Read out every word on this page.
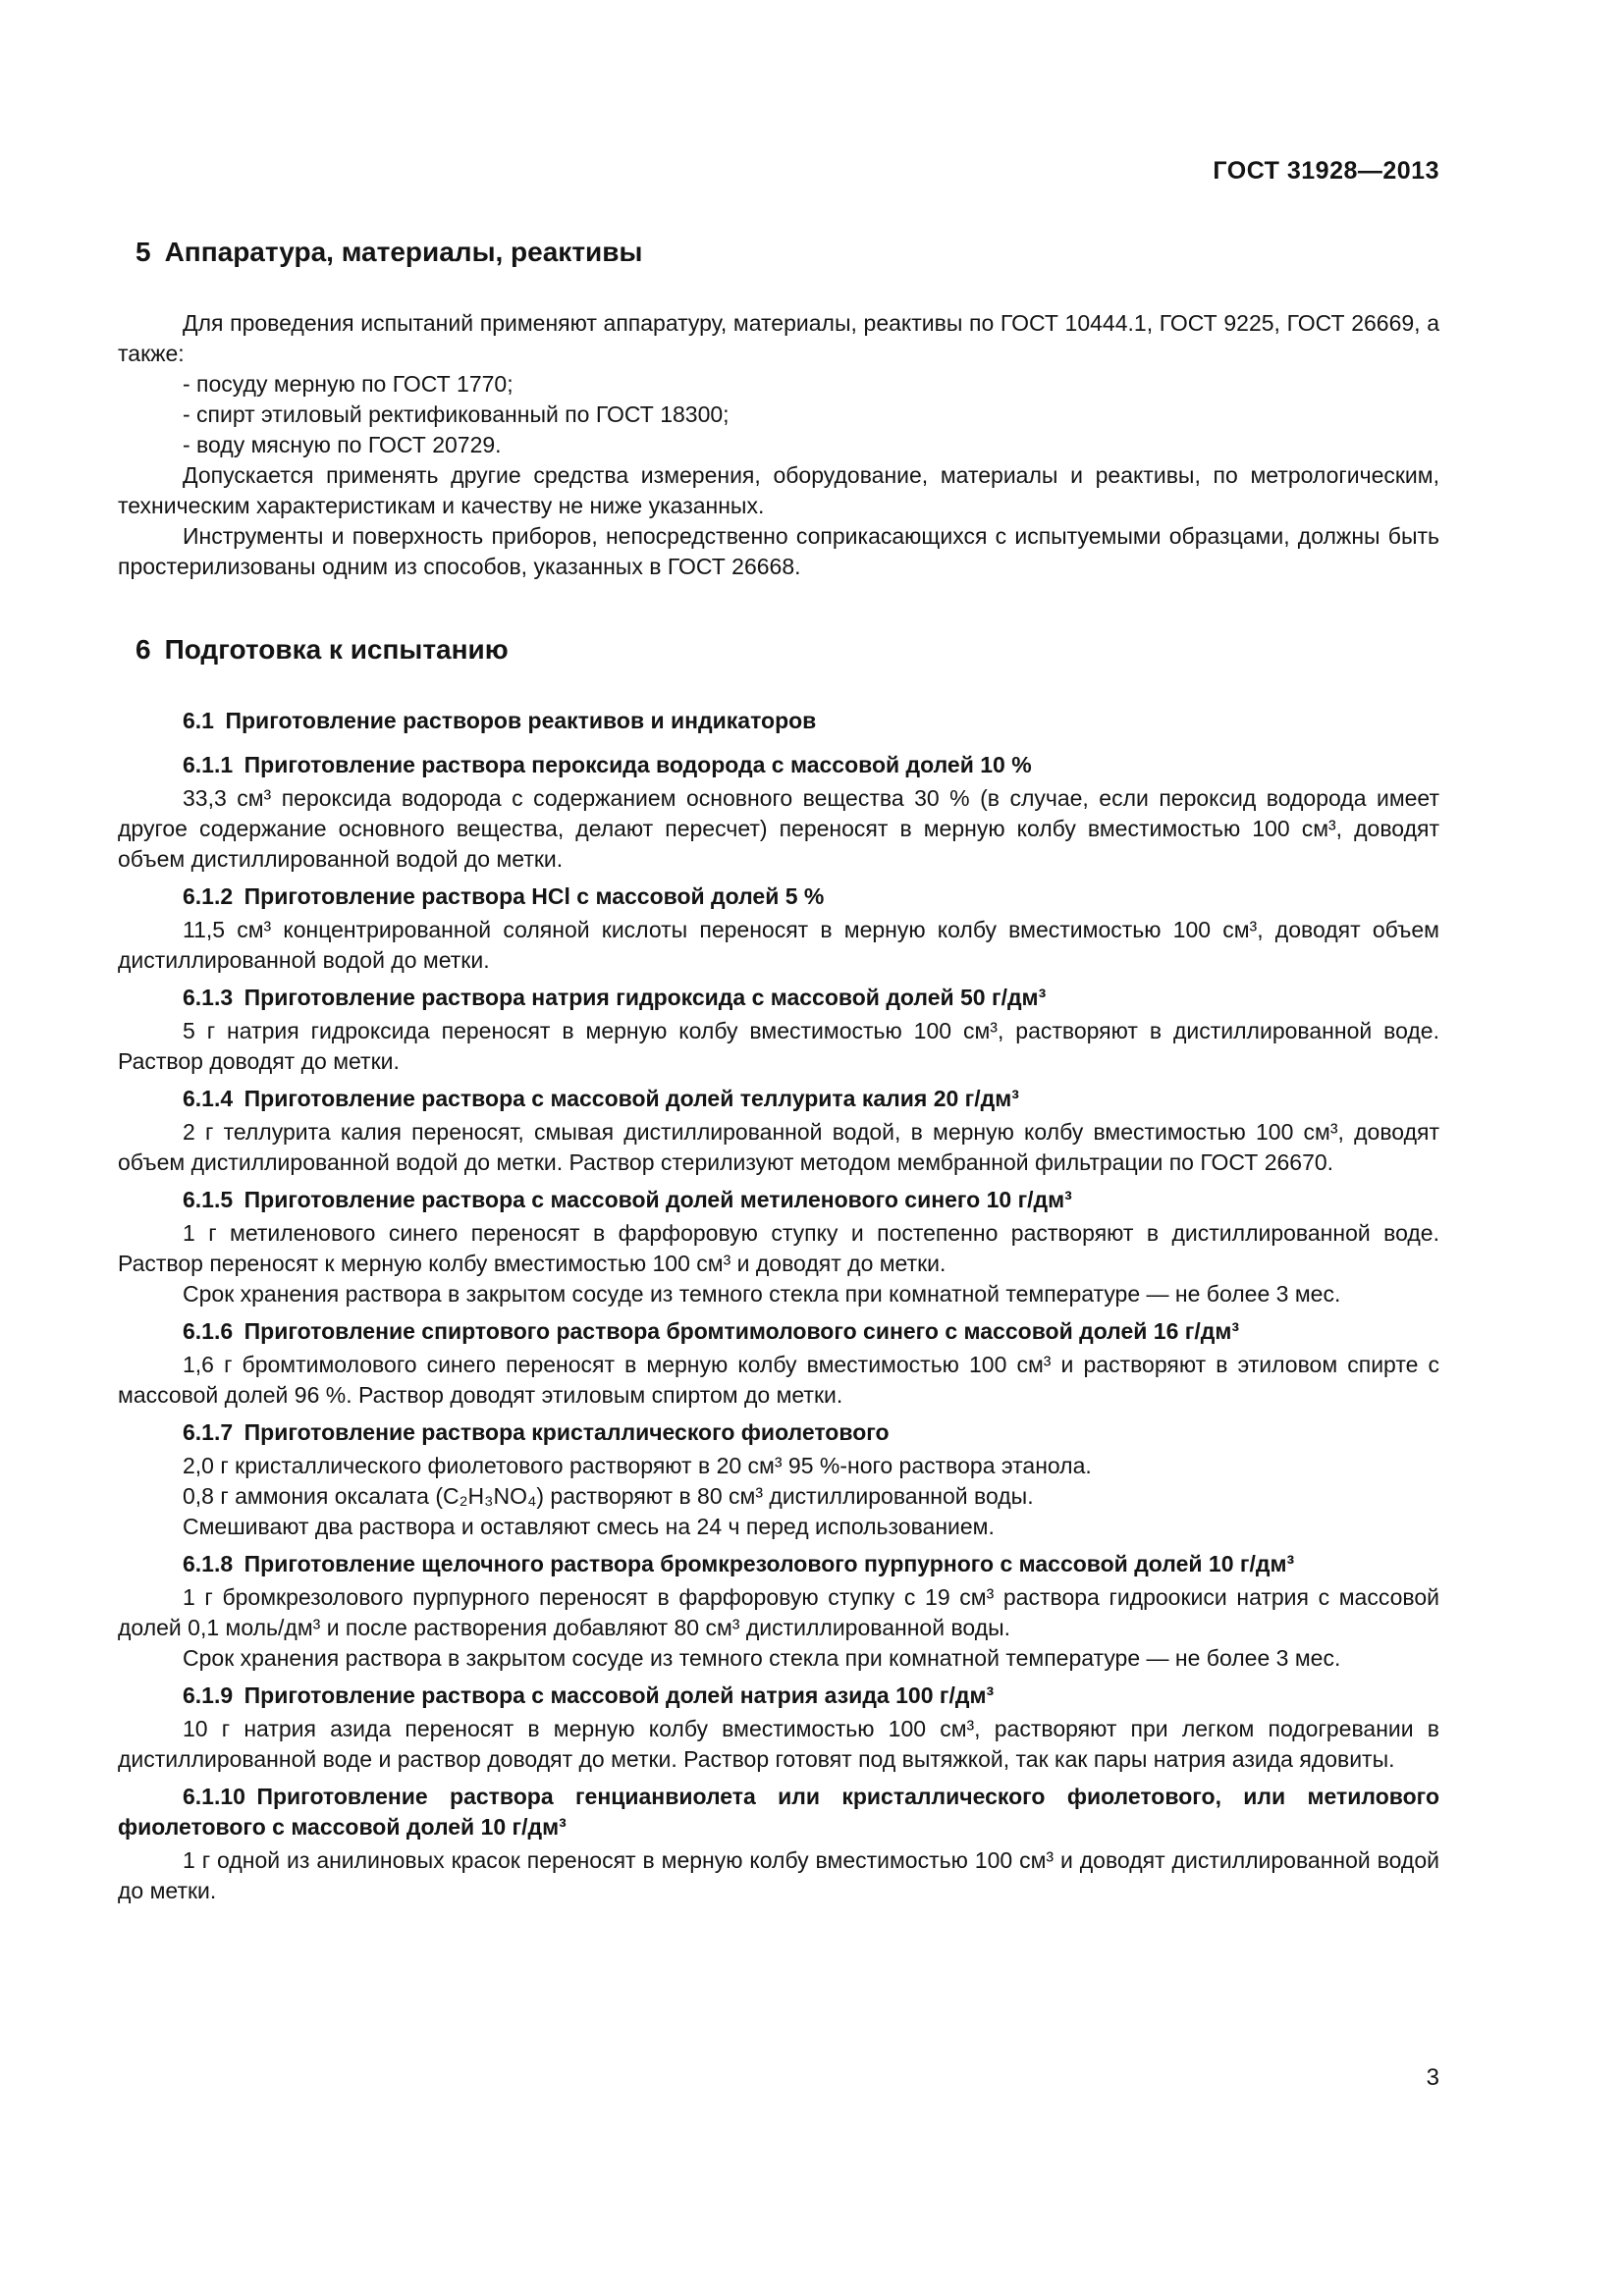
ГОСТ 31928—2013
5 Аппаратура, материалы, реактивы
Для проведения испытаний применяют аппаратуру, материалы, реактивы по ГОСТ 10444.1, ГОСТ 9225, ГОСТ 26669, а также:
- посуду мерную по ГОСТ 1770;
- спирт этиловый ректификованный по ГОСТ 18300;
- воду мясную по ГОСТ 20729.
Допускается применять другие средства измерения, оборудование, материалы и реактивы, по метрологическим, техническим характеристикам и качеству не ниже указанных.
Инструменты и поверхность приборов, непосредственно соприкасающихся с испытуемыми образцами, должны быть простерилизованы одним из способов, указанных в ГОСТ 26668.
6 Подготовка к испытанию
6.1 Приготовление растворов реактивов и индикаторов
6.1.1 Приготовление раствора пероксида водорода с массовой долей 10 %
33,3 см³ пероксида водорода с содержанием основного вещества 30 % (в случае, если пероксид водорода имеет другое содержание основного вещества, делают пересчет) переносят в мерную колбу вместимостью 100 см³, доводят объем дистиллированной водой до метки.
6.1.2 Приготовление раствора HCl с массовой долей 5 %
11,5 см³ концентрированной соляной кислоты переносят в мерную колбу вместимостью 100 см³, доводят объем дистиллированной водой до метки.
6.1.3 Приготовление раствора натрия гидроксида с массовой долей 50 г/дм³
5 г натрия гидроксида переносят в мерную колбу вместимостью 100 см³, растворяют в дистиллированной воде. Раствор доводят до метки.
6.1.4 Приготовление раствора с массовой долей теллурита калия 20 г/дм³
2 г теллурита калия переносят, смывая дистиллированной водой, в мерную колбу вместимостью 100 см³, доводят объем дистиллированной водой до метки. Раствор стерилизуют методом мембранной фильтрации по ГОСТ 26670.
6.1.5 Приготовление раствора с массовой долей метиленового синего 10 г/дм³
1 г метиленового синего переносят в фарфоровую ступку и постепенно растворяют в дистиллированной воде. Раствор переносят к мерную колбу вместимостью 100 см³ и доводят до метки.
Срок хранения раствора в закрытом сосуде из темного стекла при комнатной температуре — не более 3 мес.
6.1.6 Приготовление спиртового раствора бромтимолового синего с массовой долей 16 г/дм³
1,6 г бромтимолового синего переносят в мерную колбу вместимостью 100 см³ и растворяют в этиловом спирте с массовой долей 96 %. Раствор доводят этиловым спиртом до метки.
6.1.7 Приготовление раствора кристаллического фиолетового
2,0 г кристаллического фиолетового растворяют в 20 см³ 95 %-ного раствора этанола.
0,8 г аммония оксалата (C₂H₃NO₄) растворяют в 80 см³ дистиллированной воды.
Смешивают два раствора и оставляют смесь на 24 ч перед использованием.
6.1.8 Приготовление щелочного раствора бромкрезолового пурпурного с массовой долей 10 г/дм³
1 г бромкрезолового пурпурного переносят в фарфоровую ступку с 19 см³ раствора гидроокиси натрия с массовой долей 0,1 моль/дм³ и после растворения добавляют 80 см³ дистиллированной воды.
Срок хранения раствора в закрытом сосуде из темного стекла при комнатной температуре — не более 3 мес.
6.1.9 Приготовление раствора с массовой долей натрия азида 100 г/дм³
10 г натрия азида переносят в мерную колбу вместимостью 100 см³, растворяют при легком подогревании в дистиллированной воде и раствор доводят до метки. Раствор готовят под вытяжкой, так как пары натрия азида ядовиты.
6.1.10 Приготовление раствора генцианвиолета или кристаллического фиолетового, или метилового фиолетового с массовой долей 10 г/дм³
1 г одной из анилиновых красок переносят в мерную колбу вместимостью 100 см³ и доводят дистиллированной водой до метки.
3
